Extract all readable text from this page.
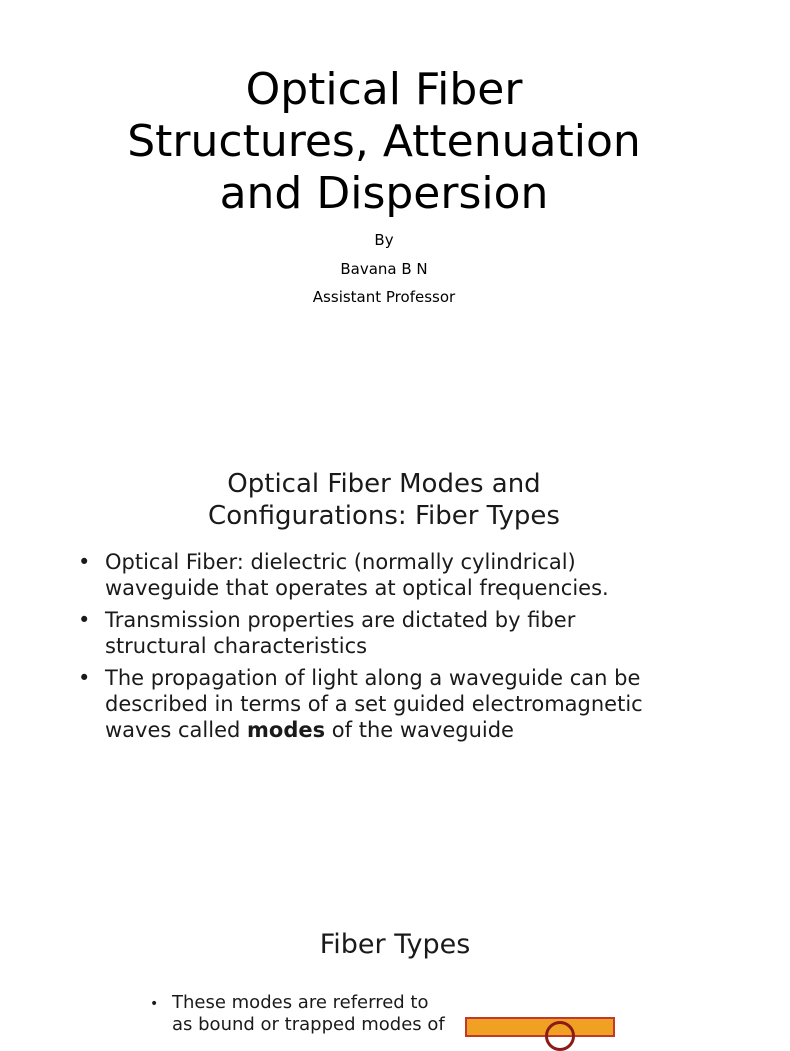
Optical Fiber
Structures, Attenuation
and Dispersion
By
Bavana B N
Assistant Professor
Optical Fiber Modes and
Configurations: Fiber Types
• Optical Fiber: dielectric (normally cylindrical) waveguide that operates at optical frequencies.
• Transmission properties are dictated by fiber structural characteristics
• The propagation of light along a waveguide can be described in terms of a set guided electromagnetic waves called modes of the waveguide
Fiber Types
• These modes are referred to as bound or trapped modes of
